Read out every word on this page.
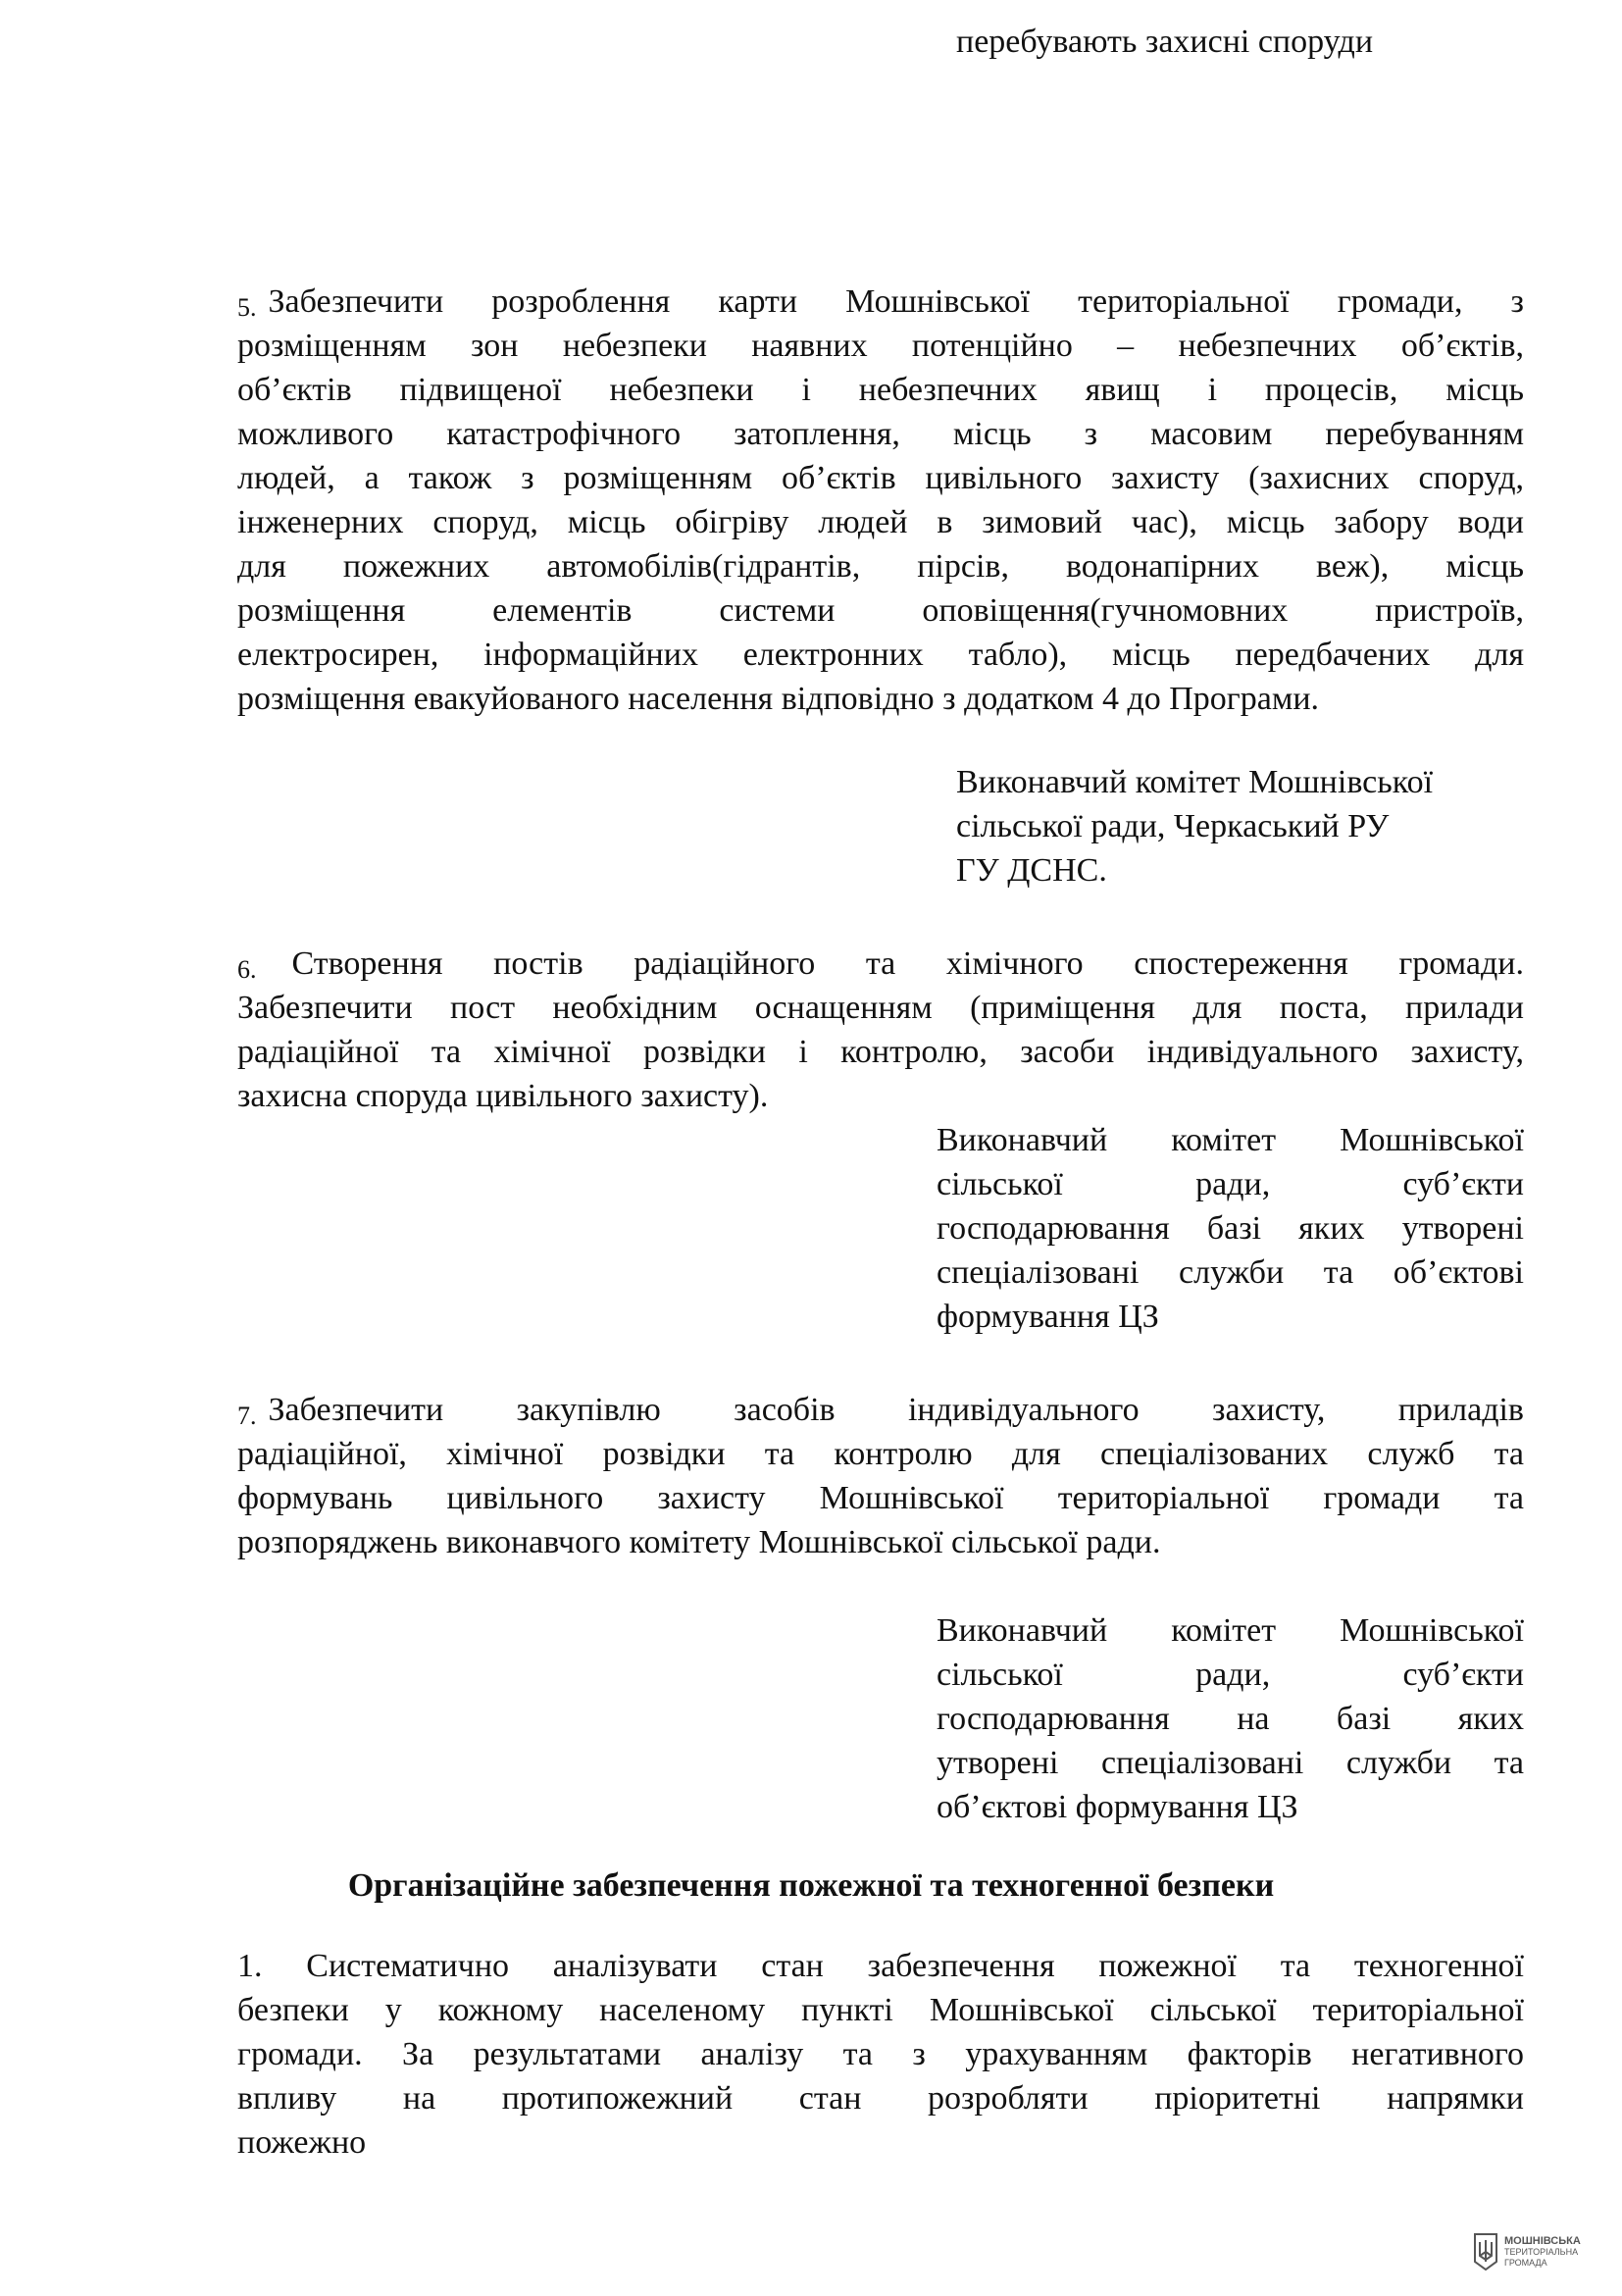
перебувають захисні споруди
5. Забезпечити розроблення карти Мошнівської територіальної громади, з
розміщенням зон небезпеки наявних потенційно – небезпечних об’єктів,
об’єктів підвищеної небезпеки і небезпечних явищ і процесів, місць
можливого катастрофічного затоплення, місць з масовим перебуванням
людей, а також з розміщенням об’єктів цивільного захисту (захисних споруд,
інженерних споруд, місць обігріву людей в зимовий час), місць забору води
для пожежних автомобілів(гідрантів, пірсів, водонапірних веж), місць
розміщення елементів системи оповіщення(гучномовних пристроїв,
електросирен, інформаційних електронних табло), місць передбачених для
розміщення евакуйованого населення відповідно з додатком 4 до Програми.
Виконавчий комітет Мошнівської
сільської ради, Черкаський РУ
ГУ ДСНС.
6. Створення постів радіаційного та хімічного спостереження громади.
Забезпечити пост необхідним оснащенням (приміщення для поста, прилади
радіаційної та хімічної розвідки і контролю, засоби індивідуального захисту,
захисна споруда цивільного захисту).
Виконавчий комітет Мошнівської
сільської ради, суб’єкти
господарювання базі яких утворені
спеціалізовані служби та об’єктові
формування ЦЗ
7. Забезпечити закупівлю засобів індивідуального захисту, приладів
радіаційної, хімічної розвідки та контролю для спеціалізованих служб та
формувань цивільного захисту Мошнівської територіальної громади та
розпоряджень виконавчого комітету Мошнівської сільської ради.
Виконавчий комітет Мошнівської
сільської ради, суб’єкти
господарювання на базі яких
утворені спеціалізовані служби та
об’єктові формування ЦЗ
Організаційне забезпечення пожежної та техногенної безпеки
1. Систематично аналізувати стан забезпечення пожежної та техногенної
безпеки у кожному населеному пункті Мошнівської сільської територіальної
громади. За результатами аналізу та з урахуванням факторів негативного
впливу на протипожежний стан розробляти пріоритетні напрямки
пожежно
МОШНІВСЬКА
ТЕРИТОРІАЛЬНА
ГРОМАДА
